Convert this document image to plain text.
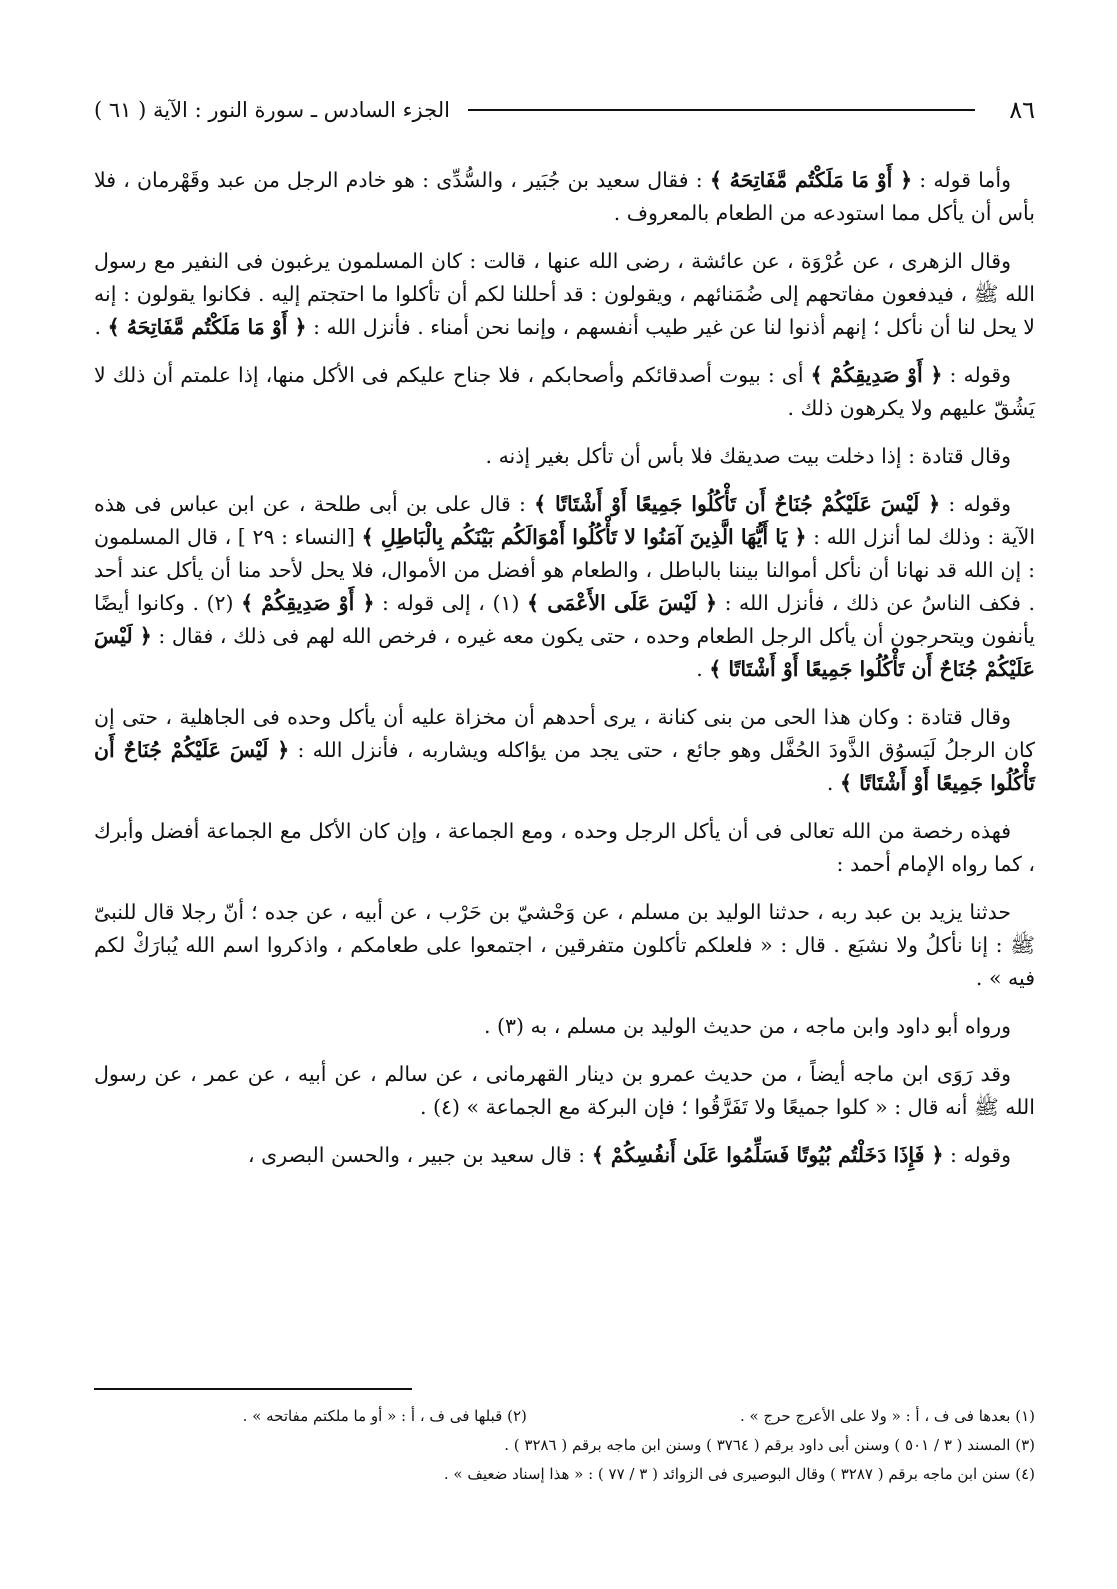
٨٦
الجزء السادس ـ سورة النور : الآية ( ٦١ )

وأما قوله : ﴿ أَوْ مَا مَلَكْتُم مَّفَاتِحَهُ ﴾ : فقال سعيد بن جُبَير ، والسُّدِّى : هو خادم الرجل من عبد وقَهْرمان ، فلا بأس أن يأكل مما استودعه من الطعام بالمعروف .

وقال الزهرى ، عن عُرْوَة ، عن عائشة ، رضى الله عنها ، قالت : كان المسلمون يرغبون فى النفير مع رسول الله ﷺ ، فيدفعون مفاتحهم إلى ضُمَنائهم ، ويقولون : قد أحللنا لكم أن تأكلوا ما احتجتم إليه . فكانوا يقولون : إنه لا يحل لنا أن نأكل ؛ إنهم أذنوا لنا عن غير طيب أنفسهم ، وإنما نحن أمناء . فأنزل الله : ﴿ أَوْ مَا مَلَكْتُم مَّفَاتِحَهُ ﴾ .

وقوله : ﴿ أَوْ صَدِيقِكُمْ ﴾ أى : بيوت أصدقائكم وأصحابكم ، فلا جناح عليكم فى الأكل منها، إذا علمتم أن ذلك لا يَشُقّ عليهم ولا يكرهون ذلك .

وقال قتادة : إذا دخلت بيت صديقك فلا بأس أن تأكل بغير إذنه .

وقوله : ﴿ لَيْسَ عَلَيْكُمْ جُنَاحٌ أَن تَأْكُلُوا جَمِيعًا أَوْ أَشْتَاتًا ﴾ : قال على بن أبى طلحة ، عن ابن عباس فى هذه الآية : وذلك لما أنزل الله : ﴿ يَا أَيُّهَا الَّذِينَ آمَنُوا لا تَأْكُلُوا أَمْوَالَكُم بَيْنَكُم بِالْبَاطِلِ ﴾ [النساء : ٢٩ ] ، قال المسلمون : إن الله قد نهانا أن نأكل أموالنا بيننا بالباطل ، والطعام هو أفضل من الأموال، فلا يحل لأحد منا أن يأكل عند أحد . فكف الناسُ عن ذلك ، فأنزل الله : ﴿ لَيْسَ عَلَى الأَعْمَى ﴾ (١) ، إلى قوله : ﴿ أَوْ صَدِيقِكُمْ ﴾ (٢) . وكانوا أيضًا يأنفون ويتحرجون أن يأكل الرجل الطعام وحده ، حتى يكون معه غيره ، فرخص الله لهم فى ذلك ، فقال : ﴿ لَيْسَ عَلَيْكُمْ جُنَاحٌ أَن تَأْكُلُوا جَمِيعًا أَوْ أَشْتَاتًا ﴾ .

وقال قتادة : وكان هذا الحى من بنى كنانة ، يرى أحدهم أن مخزاة عليه أن يأكل وحده فى الجاهلية ، حتى إن كان الرجلُ لَيَسوُق الذَّودَ الحُفَّل وهو جائع ، حتى يجد من يؤاكله ويشاربه ، فأنزل الله : ﴿ لَيْسَ عَلَيْكُمْ جُنَاحٌ أَن تَأْكُلُوا جَمِيعًا أَوْ أَشْتَاتًا ﴾ .

فهذه رخصة من الله تعالى فى أن يأكل الرجل وحده ، ومع الجماعة ، وإن كان الأكل مع الجماعة أفضل وأبرك ، كما رواه الإمام أحمد :

حدثنا يزيد بن عبد ربه ، حدثنا الوليد بن مسلم ، عن وَحْشيّ بن حَرْب ، عن أبيه ، عن جده ؛ أنّ رجلا قال للنبىّ ﷺ : إنا نأكلُ ولا نشبَع . قال : « فلعلكم تأكلون متفرقين ، اجتمعوا على طعامكم ، واذكروا اسم الله يُبارَكْ لكم فيه » .

ورواه أبو داود وابن ماجه ، من حديث الوليد بن مسلم ، به (٣) .

وقد رَوَى ابن ماجه أيضاً ، من حديث عمرو بن دينار القهرمانى ، عن سالم ، عن أبيه ، عن عمر ، عن رسول الله ﷺ أنه قال : « كلوا جميعًا ولا تَفَرَّقُوا ؛ فإن البركة مع الجماعة » (٤) .

وقوله : ﴿ فَإِذَا دَخَلْتُم بُيُوتًا فَسَلِّمُوا عَلَىٰ أَنفُسِكُمْ ﴾ : قال سعيد بن جبير ، والحسن البصرى ،

(١) بعدها فى ف ، أ : « ولا على الأعرج حرج » .
(٢) قبلها فى ف ، أ : « أو ما ملكتم مفاتحه » .
(٣) المسند ( ٣ / ٥٠١ ) وسنن أبى داود برقم ( ٣٧٦٤ ) وسنن ابن ماجه برقم ( ٣٢٨٦ ) .
(٤) سنن ابن ماجه برقم ( ٣٢٨٧ ) وقال البوصيرى فى الزوائد ( ٣ / ٧٧ ) : « هذا إسناد ضعيف » .
